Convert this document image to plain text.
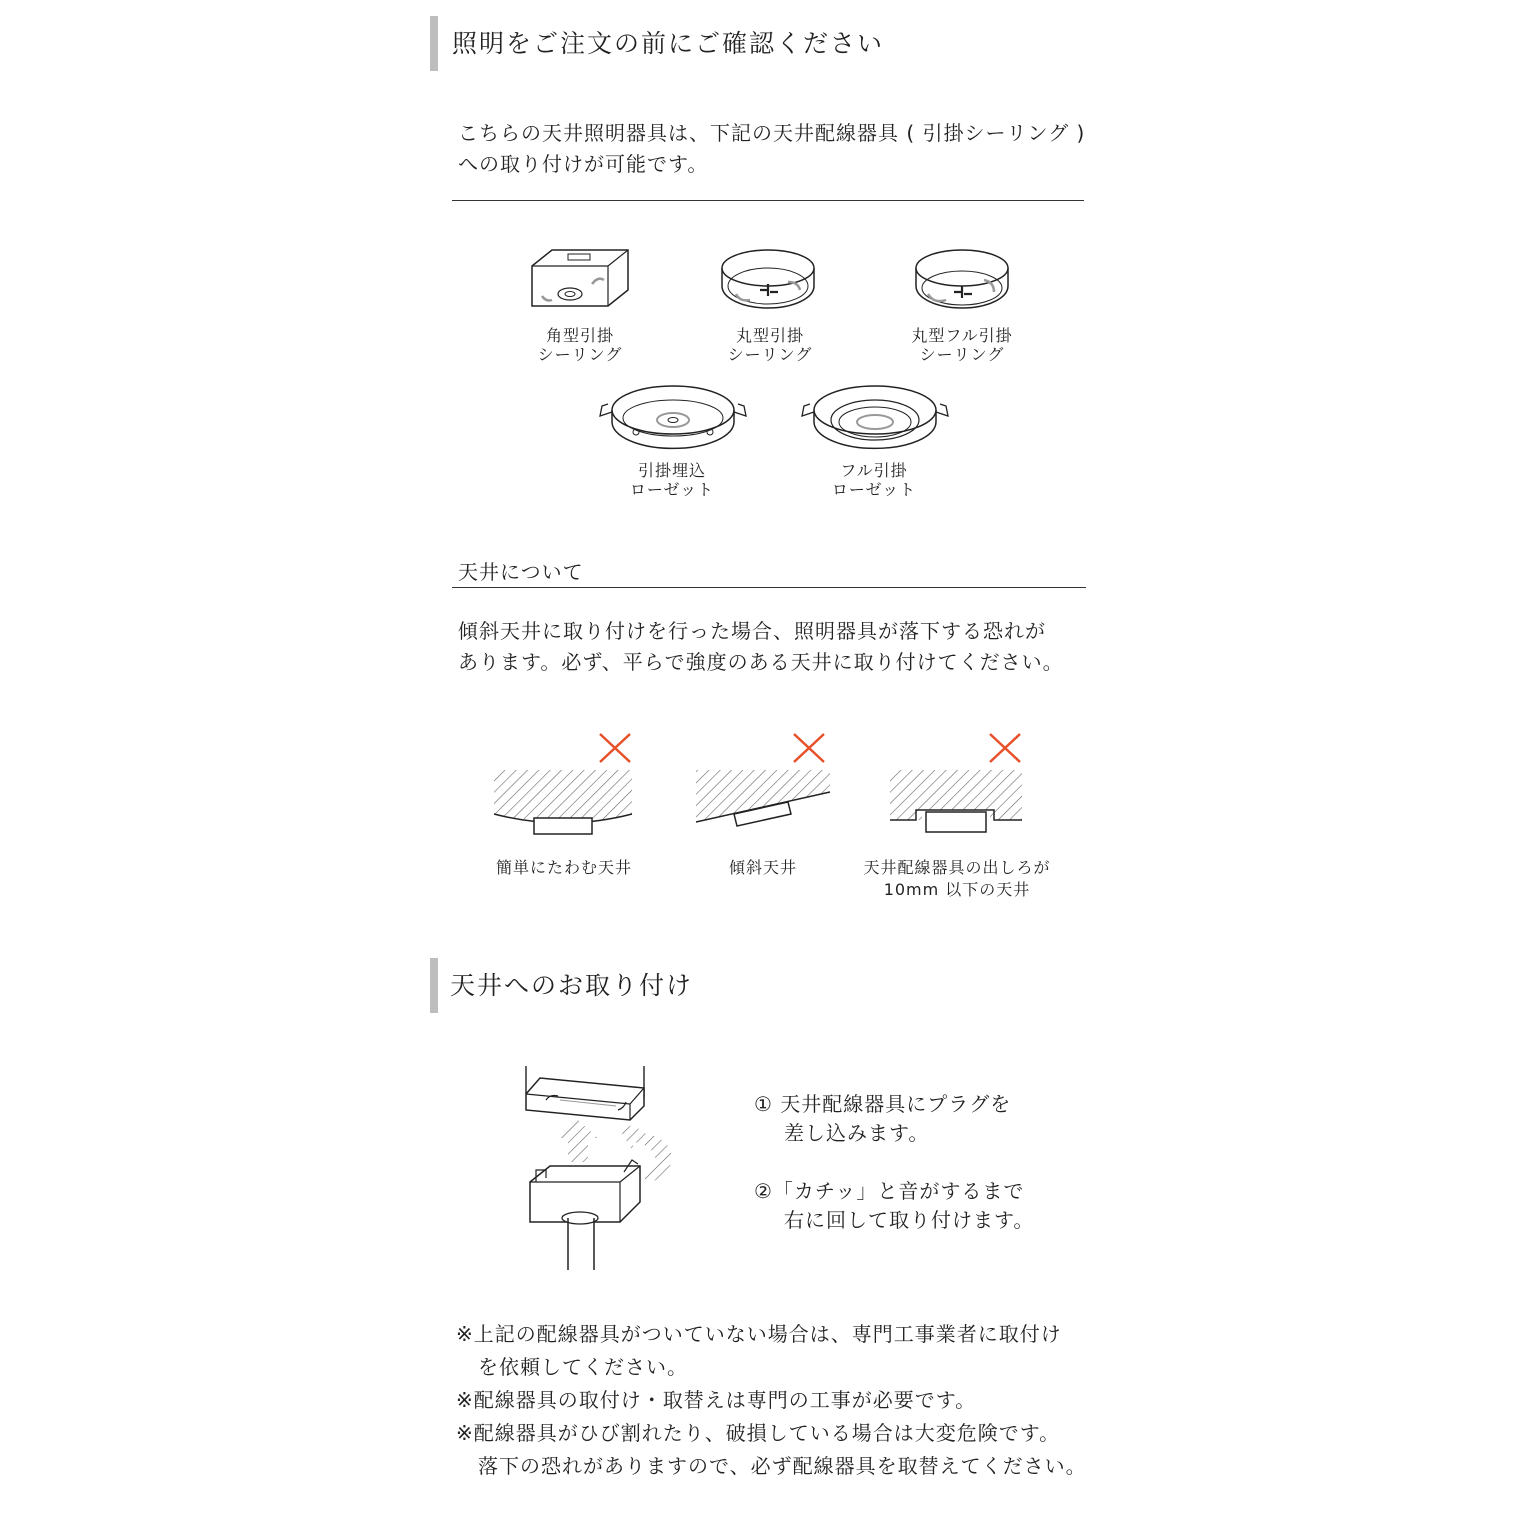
照明をご注文の前にご確認ください
こちらの天井照明器具は、下記の天井配線器具 ( 引掛シーリング )
への取り付けが可能です。
角型引掛
シーリング
丸型引掛
シーリング
丸型フル引掛
シーリング
引掛埋込
ローゼット
フル引掛
ローゼット
天井について
傾斜天井に取り付けを行った場合、照明器具が落下する恐れが
あります。必ず、平らで強度のある天井に取り付けてください。
簡単にたわむ天井	傾斜天井	天井配線器具の出しろが
10mm 以下の天井
天井へのお取り付け
① 天井配線器具にプラグを
差し込みます。
②「カチッ」と音がするまで
右に回して取り付けます。
※上記の配線器具がついていない場合は、専門工事業者に取付け
を依頼してください。
※配線器具の取付け・取替えは専門の工事が必要です。
※配線器具がひび割れたり、破損している場合は大変危険です。
落下の恐れがありますので、必ず配線器具を取替えてください。
